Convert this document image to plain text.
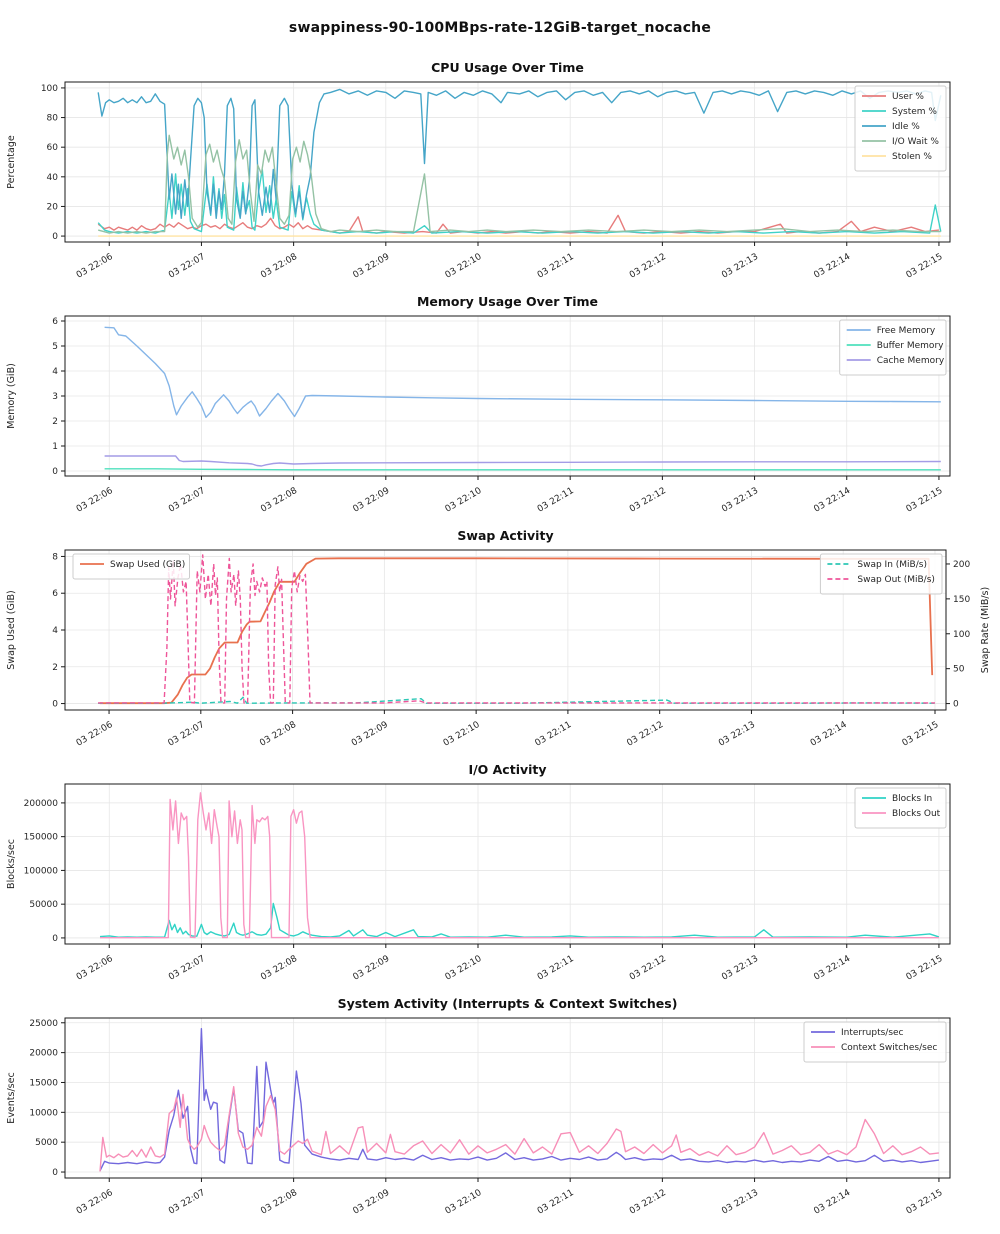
swappiness-90-100MBps-rate-12GiB-target_nocache
CPU Usage Over Time
0
20
40
60
80
100
03 22:06	03 22:07	03 22:08	03 22:09	03 22:10	03 22:11	03 22:12	03 22:13	03 22:14	03 22:15
Percentage
User %
System %
Idle %
I/O Wait %
Stolen %
Memory Usage Over Time
0
1
2
3
4
5
6
03 22:06	03 22:07	03 22:08	03 22:09	03 22:10	03 22:11	03 22:12	03 22:13	03 22:14	03 22:15
Memory (GiB)
Free Memory
Buffer Memory
Cache Memory
Swap Activity
0
2
4
6
8
0
50
100
150
200
Swap Rate (MiB/s)
03 22:06	03 22:07	03 22:08	03 22:09	03 22:10	03 22:11	03 22:12	03 22:13	03 22:14	03 22:15
Swap Used (GiB)
Swap Used (GiB)	Swap In (MiB/s)
Swap Out (MiB/s)
I/O Activity
0
50000
100000
150000
200000
03 22:06	03 22:07	03 22:08	03 22:09	03 22:10	03 22:11	03 22:12	03 22:13	03 22:14	03 22:15
Blocks/sec
Blocks In
Blocks Out
System Activity (Interrupts & Context Switches)
0
5000
10000
15000
20000
25000
03 22:06	03 22:07	03 22:08	03 22:09	03 22:10	03 22:11	03 22:12	03 22:13	03 22:14	03 22:15
Events/sec
Interrupts/sec
Context Switches/sec
